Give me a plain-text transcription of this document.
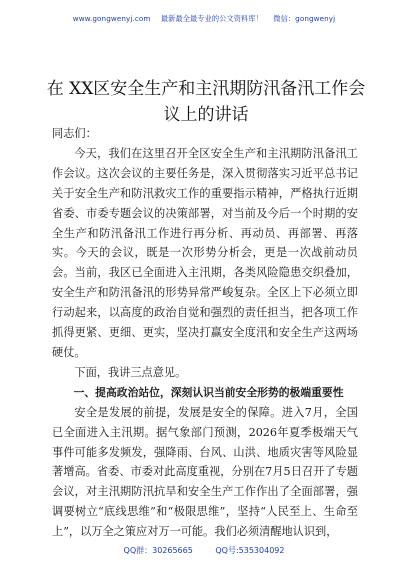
www.gongwenyj.com 最新最全最专业的公文资料库！ 微信：gongwenyj
在 XX区安全生产和主汛期防汛备汛工作会
议上的讲话

同志们：

今天，我们在这里召开全区安全生产和主汛期防汛备汛工作会议。这次会议的主要任务是，深入贯彻落实习近平总书记关于安全生产和防汛救灾工作的重要指示精神，严格执行近期省委、市委专题会议的决策部署，对当前及今后一个时期的安全生产和防汛备汛工作进行再分析、再动员、再部署、再落实。今天的会议，既是一次形势分析会，更是一次战前动员会。当前，我区已全面进入主汛期，各类风险隐患交织叠加，安全生产和防汛备汛的形势异常严峻复杂。全区上下必须立即行动起来，以高度的政治自觉和强烈的责任担当，把各项工作抓得更紧、更细、更实，坚决打赢安全度汛和安全生产这两场硬仗。

下面，我讲三点意见。

一、提高政治站位，深刻认识当前安全形势的极端重要性

安全是发展的前提，发展是安全的保障。进入7月，全国已全面进入主汛期。据气象部门预测，2026年夏季极端天气事件可能多发频发，强降雨、台风、山洪、地质灾害等风险显著增高。省委、市委对此高度重视，分别在7月5日召开了专题会议，对主汛期防汛抗旱和安全生产工作作出了全面部署，强调要树立“底线思维”和“极限思维”，坚持“人民至上、生命至上”，以万全之策应对万一可能。我们必须清醒地认识到，

QQ群：30265665	QQ号:535304092
